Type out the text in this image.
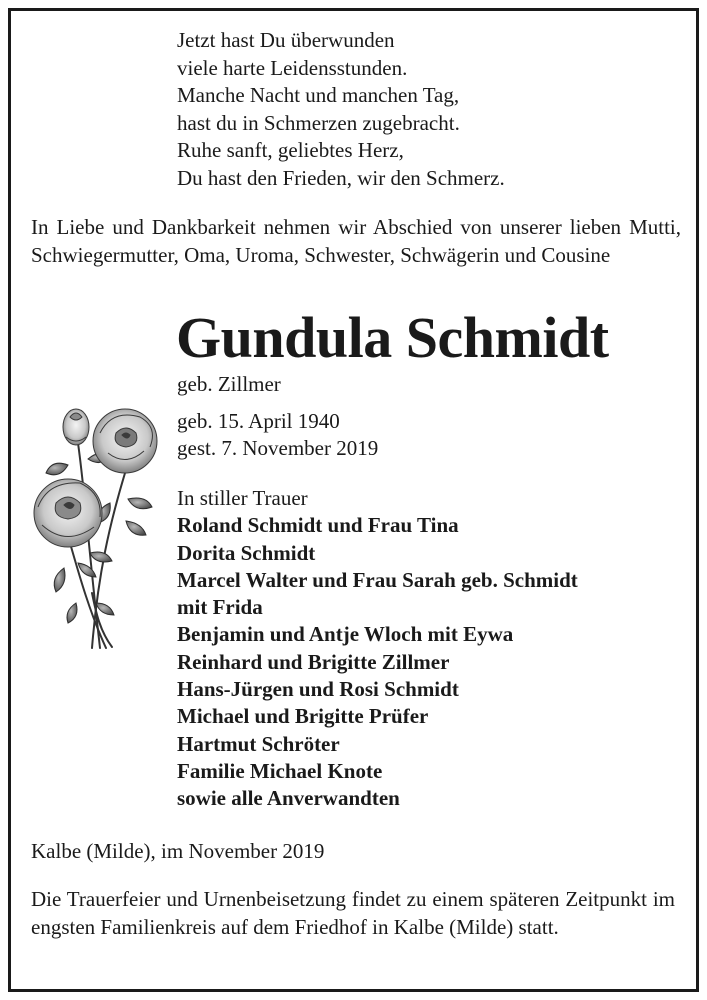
Jetzt hast Du überwunden
viele harte Leidensstunden.
Manche Nacht und manchen Tag,
hast du in Schmerzen zugebracht.
Ruhe sanft, geliebtes Herz,
Du hast den Frieden, wir den Schmerz.
In Liebe und Dankbarkeit nehmen wir Abschied von unserer lieben Mutti, Schwiegermutter, Oma, Uroma, Schwester, Schwägerin und Cousine
Gundula Schmidt
geb. Zillmer
geb. 15. April 1940
gest. 7. November 2019
In stiller Trauer
Roland Schmidt und Frau Tina
Dorita Schmidt
Marcel Walter und Frau Sarah geb. Schmidt
mit Frida
Benjamin und Antje Wloch mit Eywa
Reinhard und Brigitte Zillmer
Hans-Jürgen und Rosi Schmidt
Michael und Brigitte Prüfer
Hartmut Schröter
Familie Michael Knote
sowie alle Anverwandten
Kalbe (Milde), im November 2019
Die Trauerfeier und Urnenbeisetzung findet zu einem späteren Zeitpunkt im engsten Familienkreis auf dem Friedhof in Kalbe (Milde) statt.
